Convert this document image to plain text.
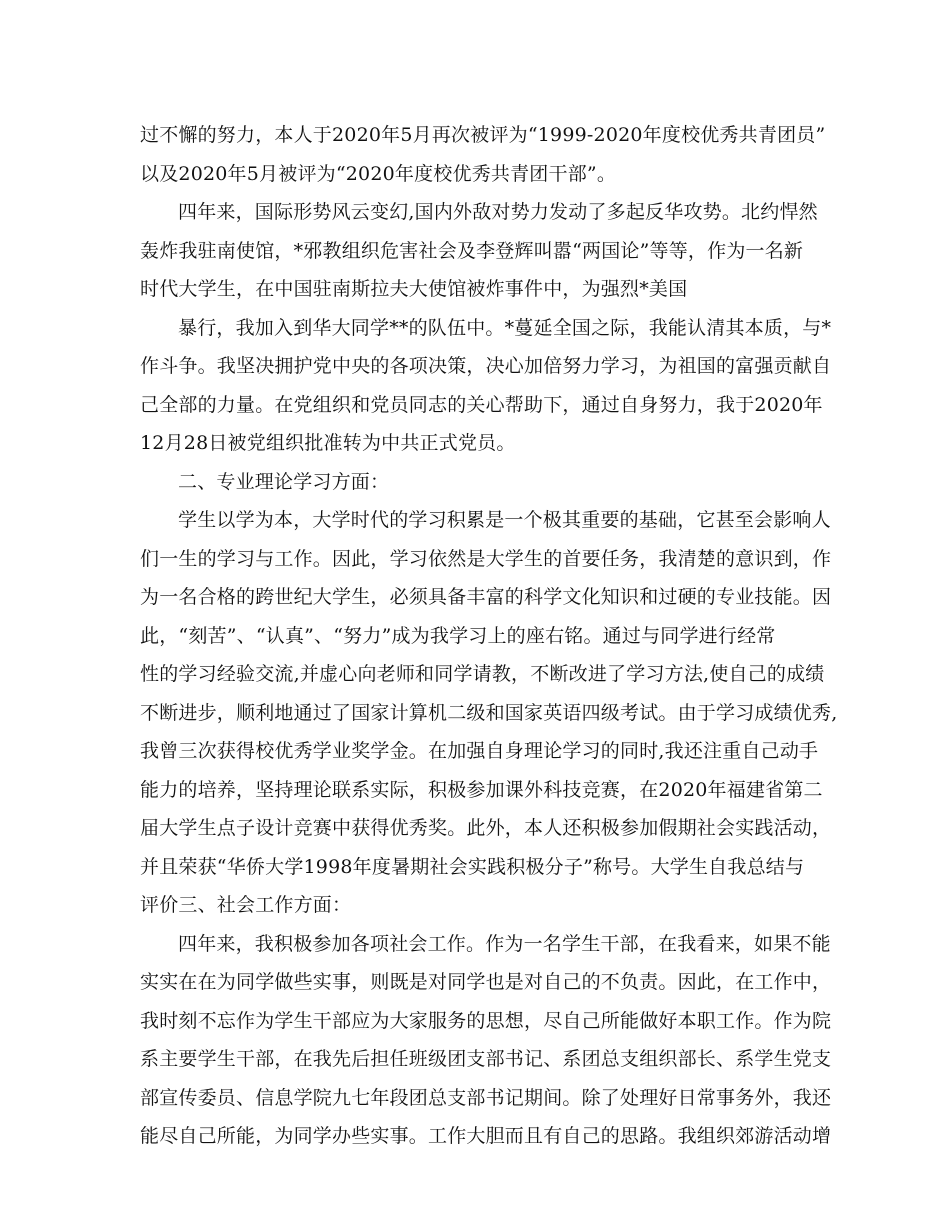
过不懈的努力，本人于2020年5月再次被评为“1999-2020年度校优秀共青团员”
以及2020年5月被评为“2020年度校优秀共青团干部”。
四年来，国际形势风云变幻,国内外敌对势力发动了多起反华攻势。北约悍然
轰炸我驻南使馆，*邪教组织危害社会及李登辉叫嚣“两国论”等等，作为一名新
时代大学生，在中国驻南斯拉夫大使馆被炸事件中，为强烈*美国
暴行，我加入到华大同学**的队伍中。*蔓延全国之际，我能认清其本质，与*
作斗争。我坚决拥护党中央的各项决策，决心加倍努力学习，为祖国的富强贡献自
己全部的力量。在党组织和党员同志的关心帮助下，通过自身努力，我于2020年
12月28日被党组织批准转为中共正式党员。
二、专业理论学习方面：
学生以学为本，大学时代的学习积累是一个极其重要的基础，它甚至会影响人
们一生的学习与工作。因此，学习依然是大学生的首要任务，我清楚的意识到，作
为一名合格的跨世纪大学生，必须具备丰富的科学文化知识和过硬的专业技能。因
此，“刻苦”、“认真”、“努力”成为我学习上的座右铭。通过与同学进行经常
性的学习经验交流,并虚心向老师和同学请教，不断改进了学习方法,使自己的成绩
不断进步，顺利地通过了国家计算机二级和国家英语四级考试。由于学习成绩优秀,
我曾三次获得校优秀学业奖学金。在加强自身理论学习的同时,我还注重自己动手
能力的培养，坚持理论联系实际，积极参加课外科技竞赛，在2020年福建省第二
届大学生点子设计竞赛中获得优秀奖。此外，本人还积极参加假期社会实践活动，
并且荣获“华侨大学1998年度暑期社会实践积极分子”称号。大学生自我总结与
评价三、社会工作方面：
四年来，我积极参加各项社会工作。作为一名学生干部，在我看来，如果不能
实实在在为同学做些实事，则既是对同学也是对自己的不负责。因此，在工作中，
我时刻不忘作为学生干部应为大家服务的思想，尽自己所能做好本职工作。作为院
系主要学生干部，在我先后担任班级团支部书记、系团总支组织部长、系学生党支
部宣传委员、信息学院九七年段团总支部书记期间。除了处理好日常事务外，我还
能尽自己所能，为同学办些实事。工作大胆而且有自己的思路。我组织郊游活动增
